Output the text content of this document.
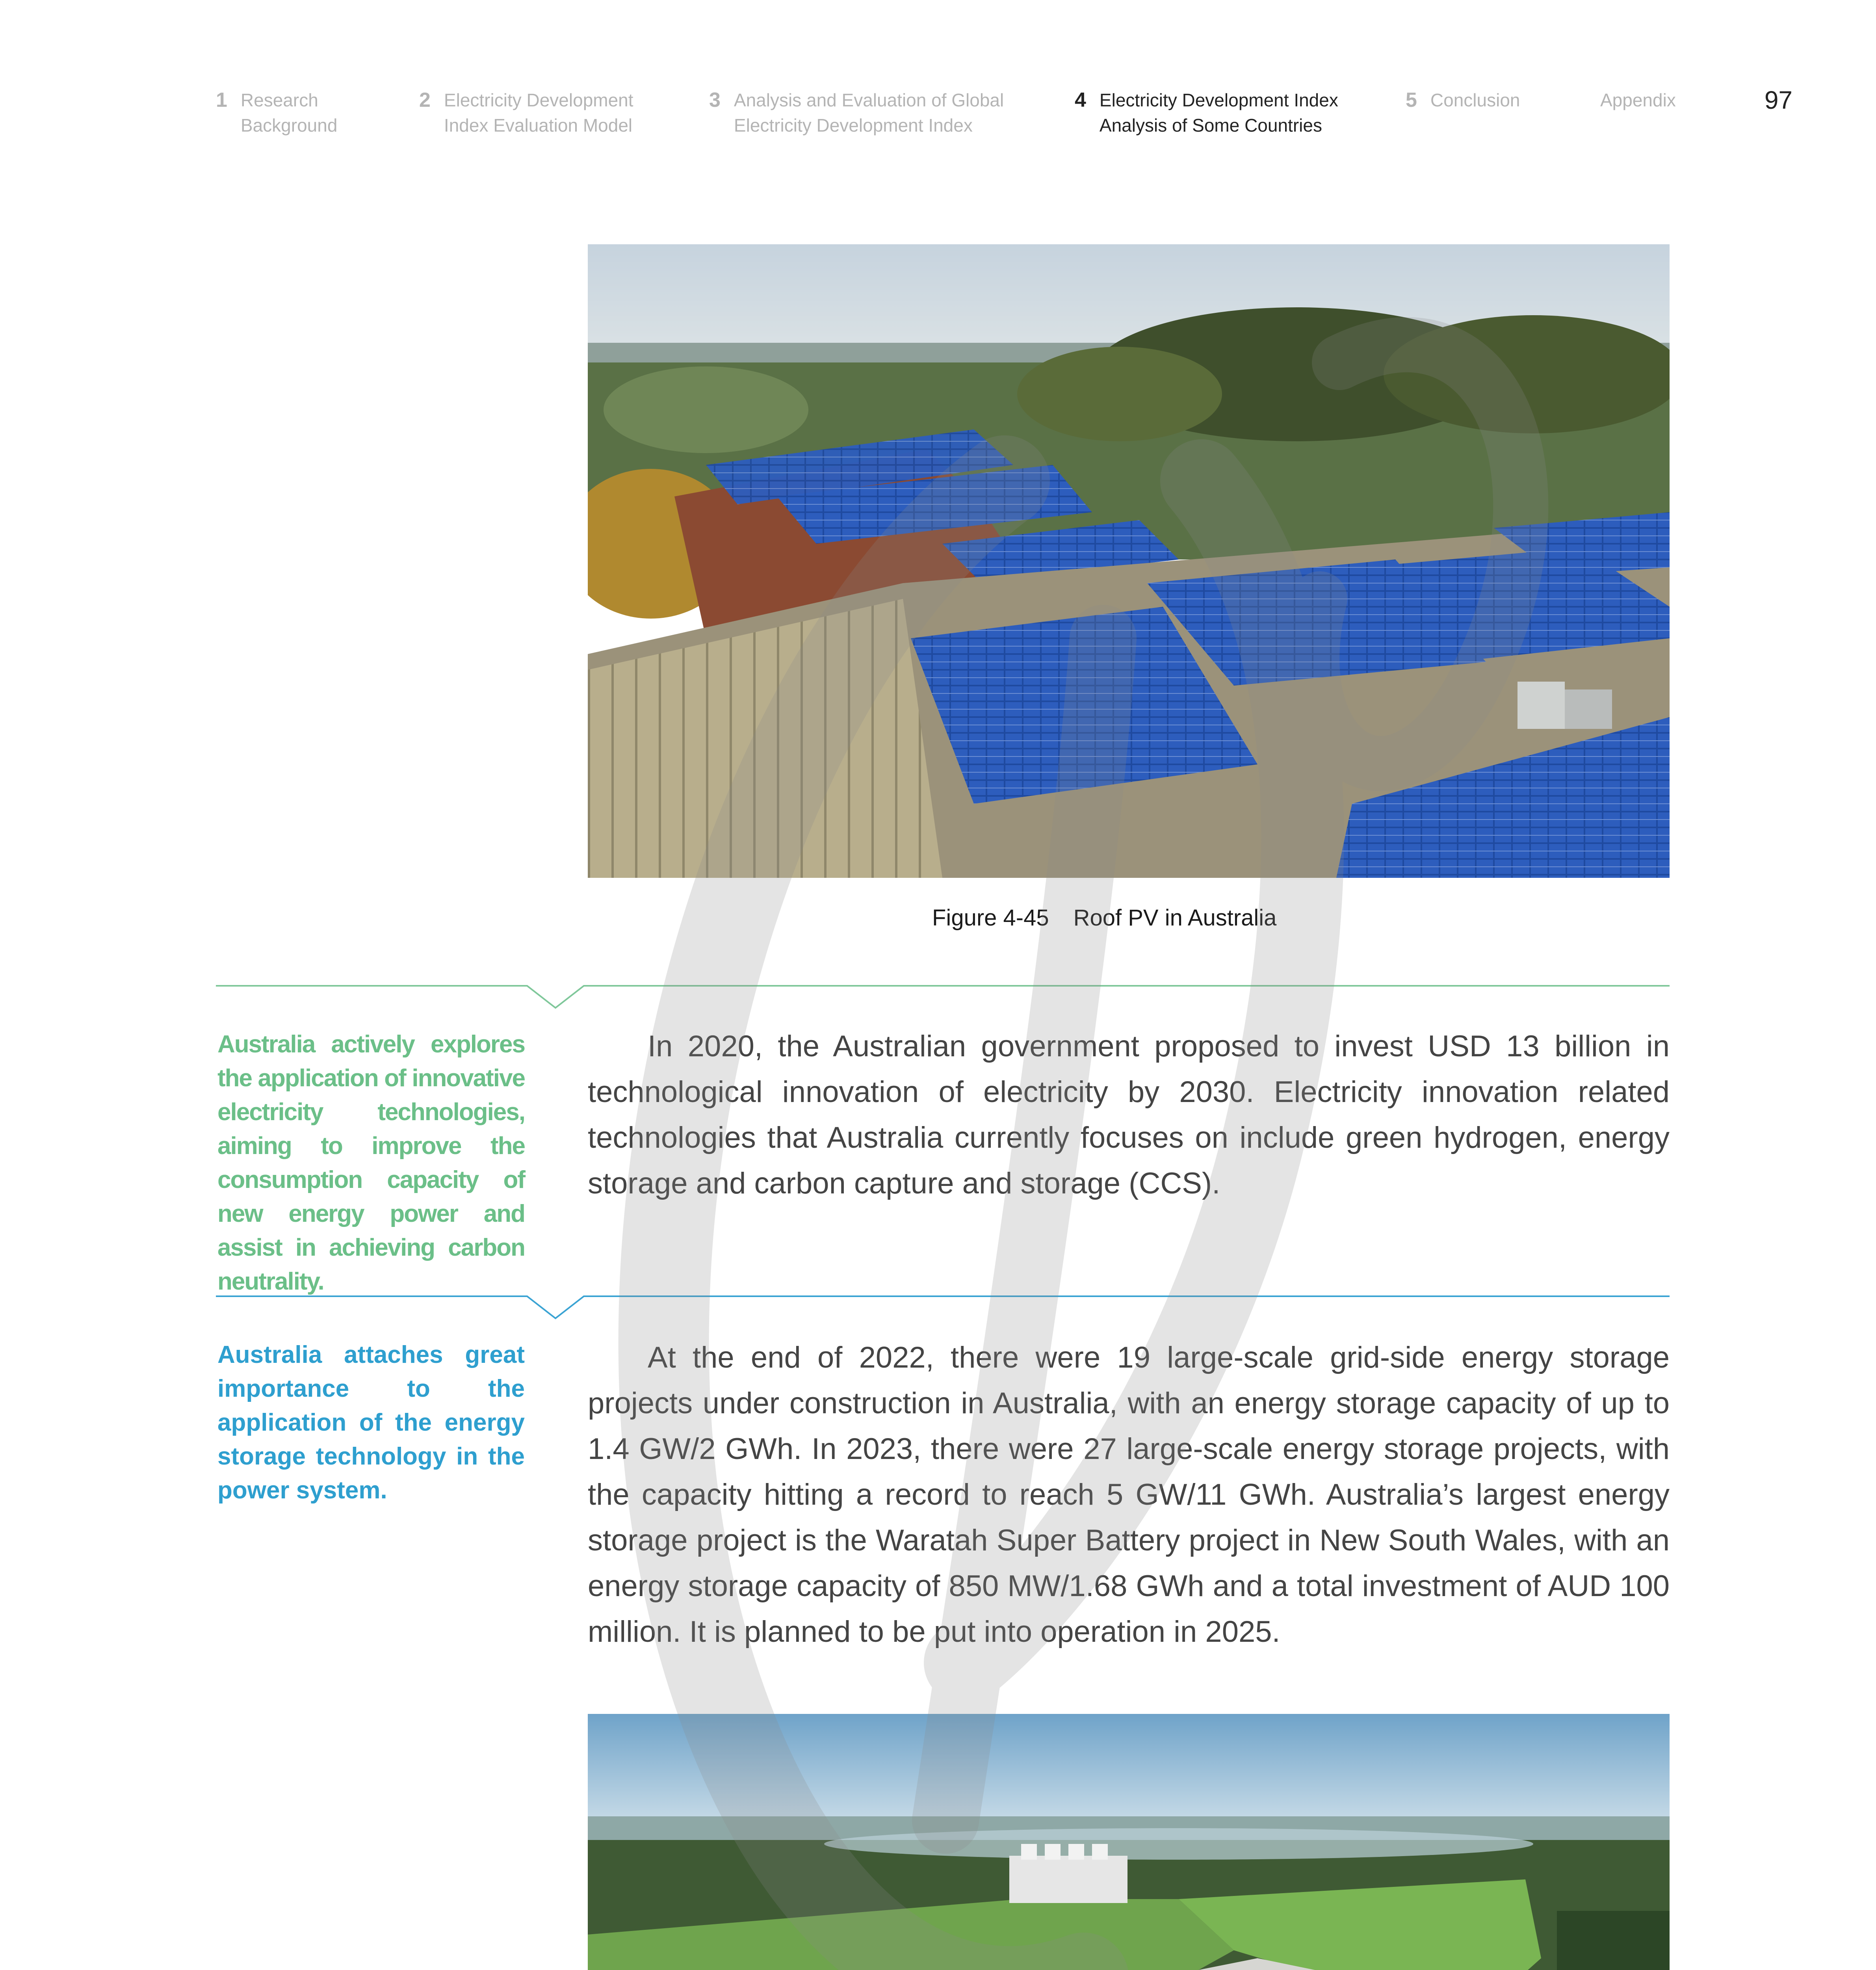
1 Research
Background
2 Electricity Development
Index Evaluation Model
3 Analysis and Evaluation of Global
Electricity Development Index
4 Electricity Development Index
Analysis of Some Countries
5 Conclusion	Appendix	97
Figure 4-45 Roof PV in Australia
Australia actively explores the application of innovative electricity technologies, aiming to improve the consumption capacity of new energy power and assist in achieving carbon neutrality.
In 2020, the Australian government proposed to invest USD 13 billion in technological innovation of electricity by 2030. Electricity innovation related technologies that Australia currently focuses on include green hydrogen, energy storage and carbon capture and storage (CCS).
Australia attaches great importance to the application of the energy storage technology in the power system.
At the end of 2022, there were 19 large-scale grid-side energy storage projects under construction in Australia, with an energy storage capacity of up to 1.4 GW/2 GWh. In 2023, there were 27 large-scale energy storage projects, with the capacity hitting a record to reach 5 GW/11 GWh. Australia’s largest energy storage project is the Waratah Super Battery project in New South Wales, with an energy storage capacity of 850 MW/1.68 GWh and a total investment of AUD 100 million. It is planned to be put into operation in 2025.
